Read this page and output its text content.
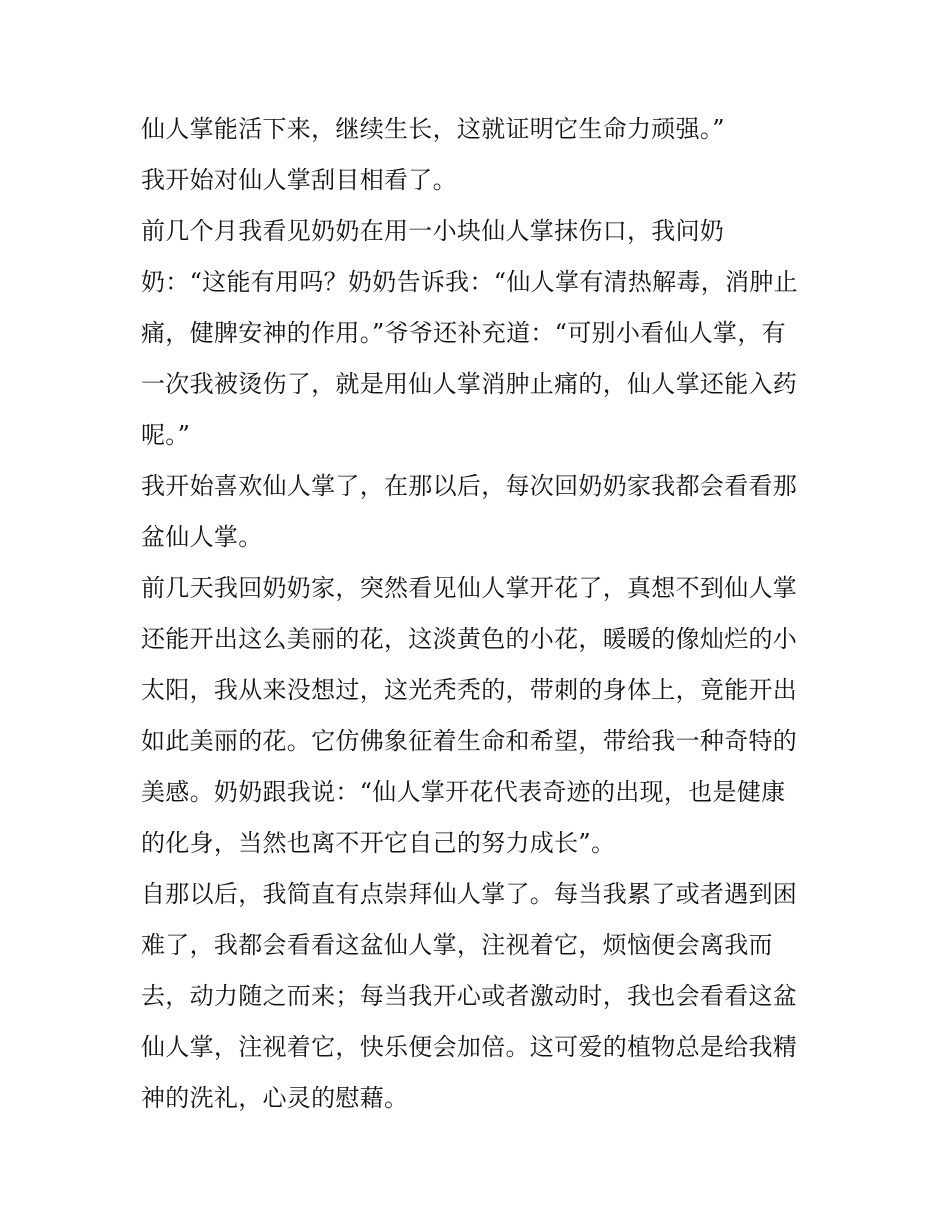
仙人掌能活下来，继续生长，这就证明它生命力顽强。”
我开始对仙人掌刮目相看了。
前几个月我看见奶奶在用一小块仙人掌抹伤口，我问奶
奶：“这能有用吗？奶奶告诉我：“仙人掌有清热解毒，消肿止
痛，健脾安神的作用。”爷爷还补充道：“可别小看仙人掌，有
一次我被烫伤了，就是用仙人掌消肿止痛的，仙人掌还能入药
呢。”
我开始喜欢仙人掌了，在那以后，每次回奶奶家我都会看看那
盆仙人掌。
前几天我回奶奶家，突然看见仙人掌开花了，真想不到仙人掌
还能开出这么美丽的花，这淡黄色的小花，暖暖的像灿烂的小
太阳，我从来没想过，这光秃秃的，带刺的身体上，竟能开出
如此美丽的花。它仿佛象征着生命和希望，带给我一种奇特的
美感。奶奶跟我说：“仙人掌开花代表奇迹的出现，也是健康
的化身，当然也离不开它自己的努力成长”。
自那以后，我简直有点崇拜仙人掌了。每当我累了或者遇到困
难了，我都会看看这盆仙人掌，注视着它，烦恼便会离我而
去，动力随之而来；每当我开心或者激动时，我也会看看这盆
仙人掌，注视着它，快乐便会加倍。这可爱的植物总是给我精
神的洗礼，心灵的慰藉。
